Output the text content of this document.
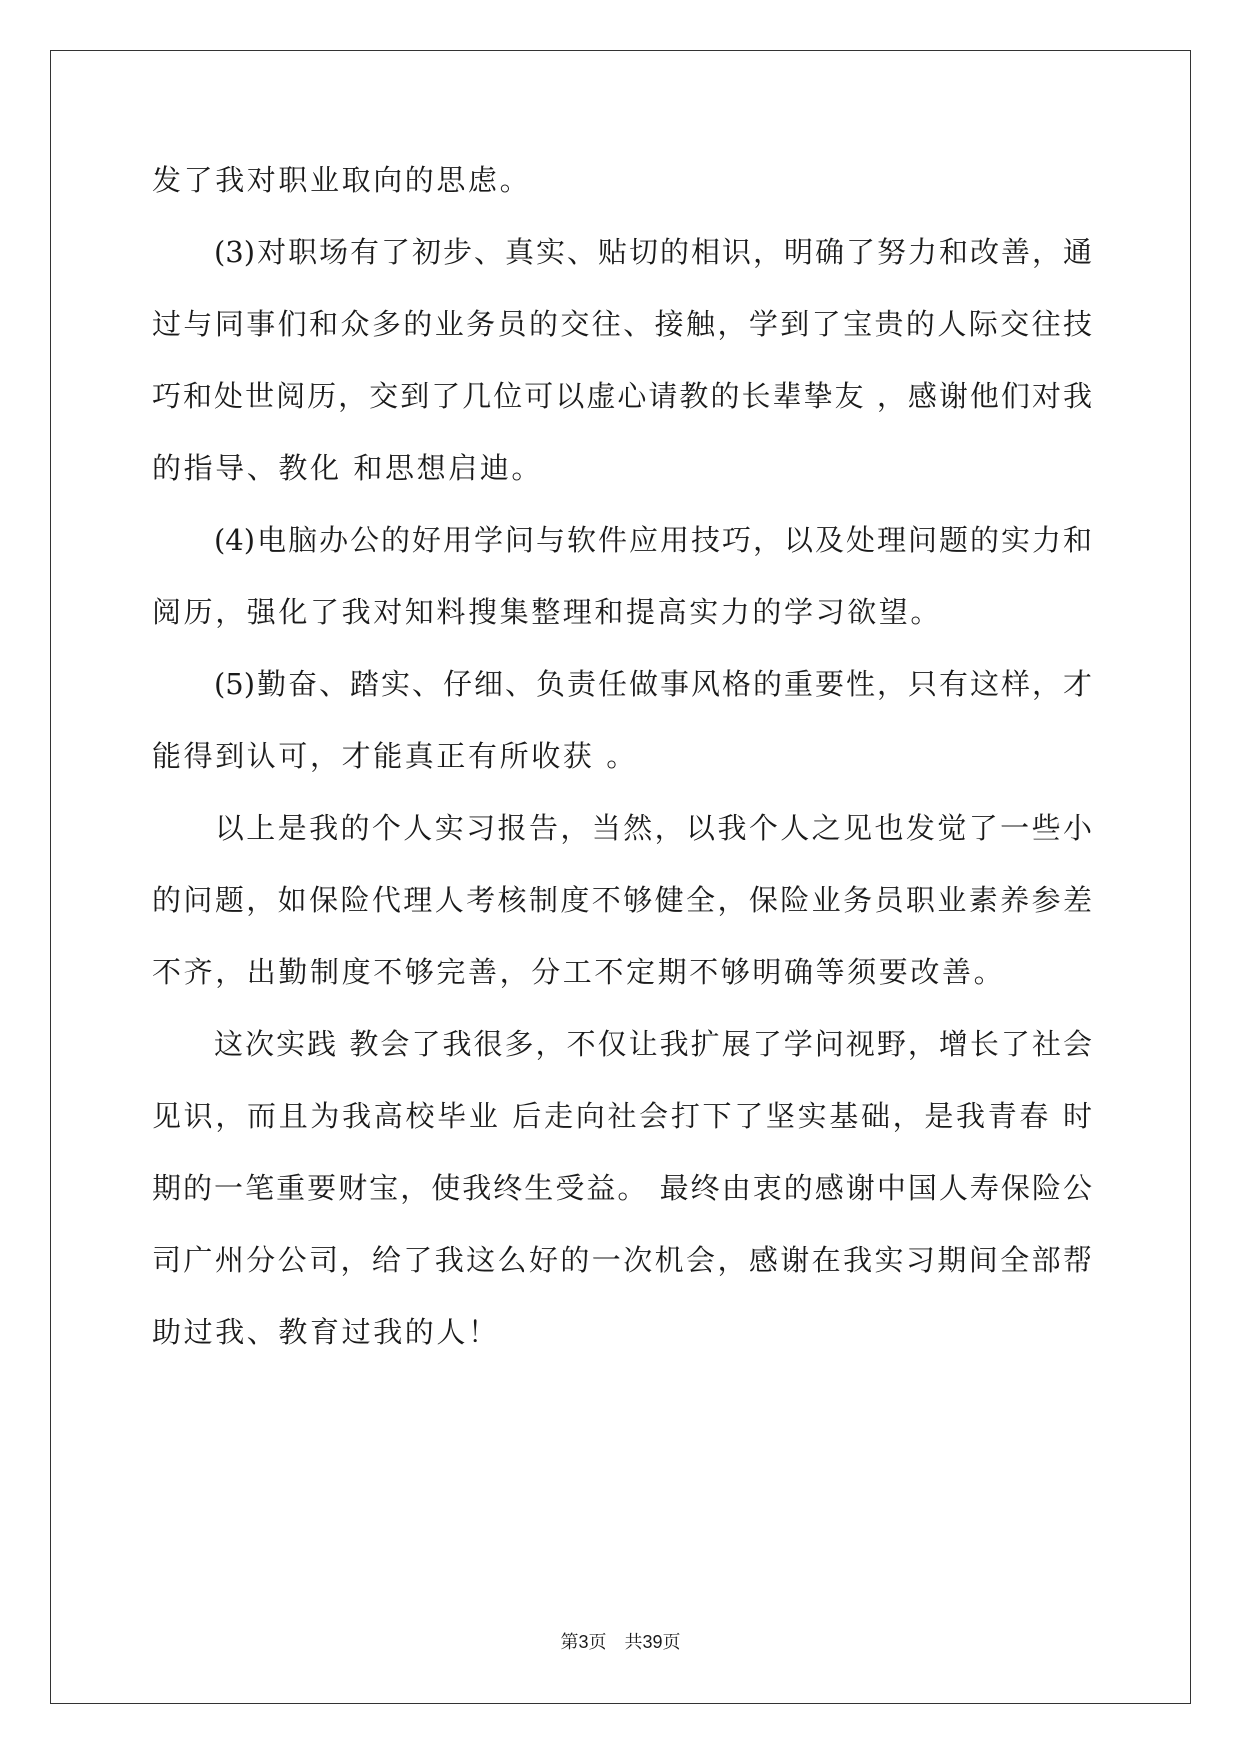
发了我对职业取向的思虑。
　　(3)对职场有了初步、真实、贴切的相识，明确了努力和改善，通
过与同事们和众多的业务员的交往、接触，学到了宝贵的人际交往技
巧和处世阅历，交到了几位可以虚心请教的长辈挚友 ，感谢他们对我
的指导、教化 和思想启迪。
　　(4)电脑办公的好用学问与软件应用技巧，以及处理问题的实力和
阅历，强化了我对知料搜集整理和提高实力的学习欲望。
　　(5)勤奋、踏实、仔细、负责任做事风格的重要性，只有这样，才
能得到认可，才能真正有所收获 。
　　以上是我的个人实习报告，当然，以我个人之见也发觉了一些小
的问题，如保险代理人考核制度不够健全，保险业务员职业素养参差
不齐，出勤制度不够完善，分工不定期不够明确等须要改善。
　　这次实践 教会了我很多，不仅让我扩展了学问视野，增长了社会
见识，而且为我高校毕业 后走向社会打下了坚实基础，是我青春 时
期的一笔重要财宝，使我终生受益。 最终由衷的感谢中国人寿保险公
司广州分公司，给了我这么好的一次机会，感谢在我实习期间全部帮
助过我、教育过我的人！
第3页　共39页
